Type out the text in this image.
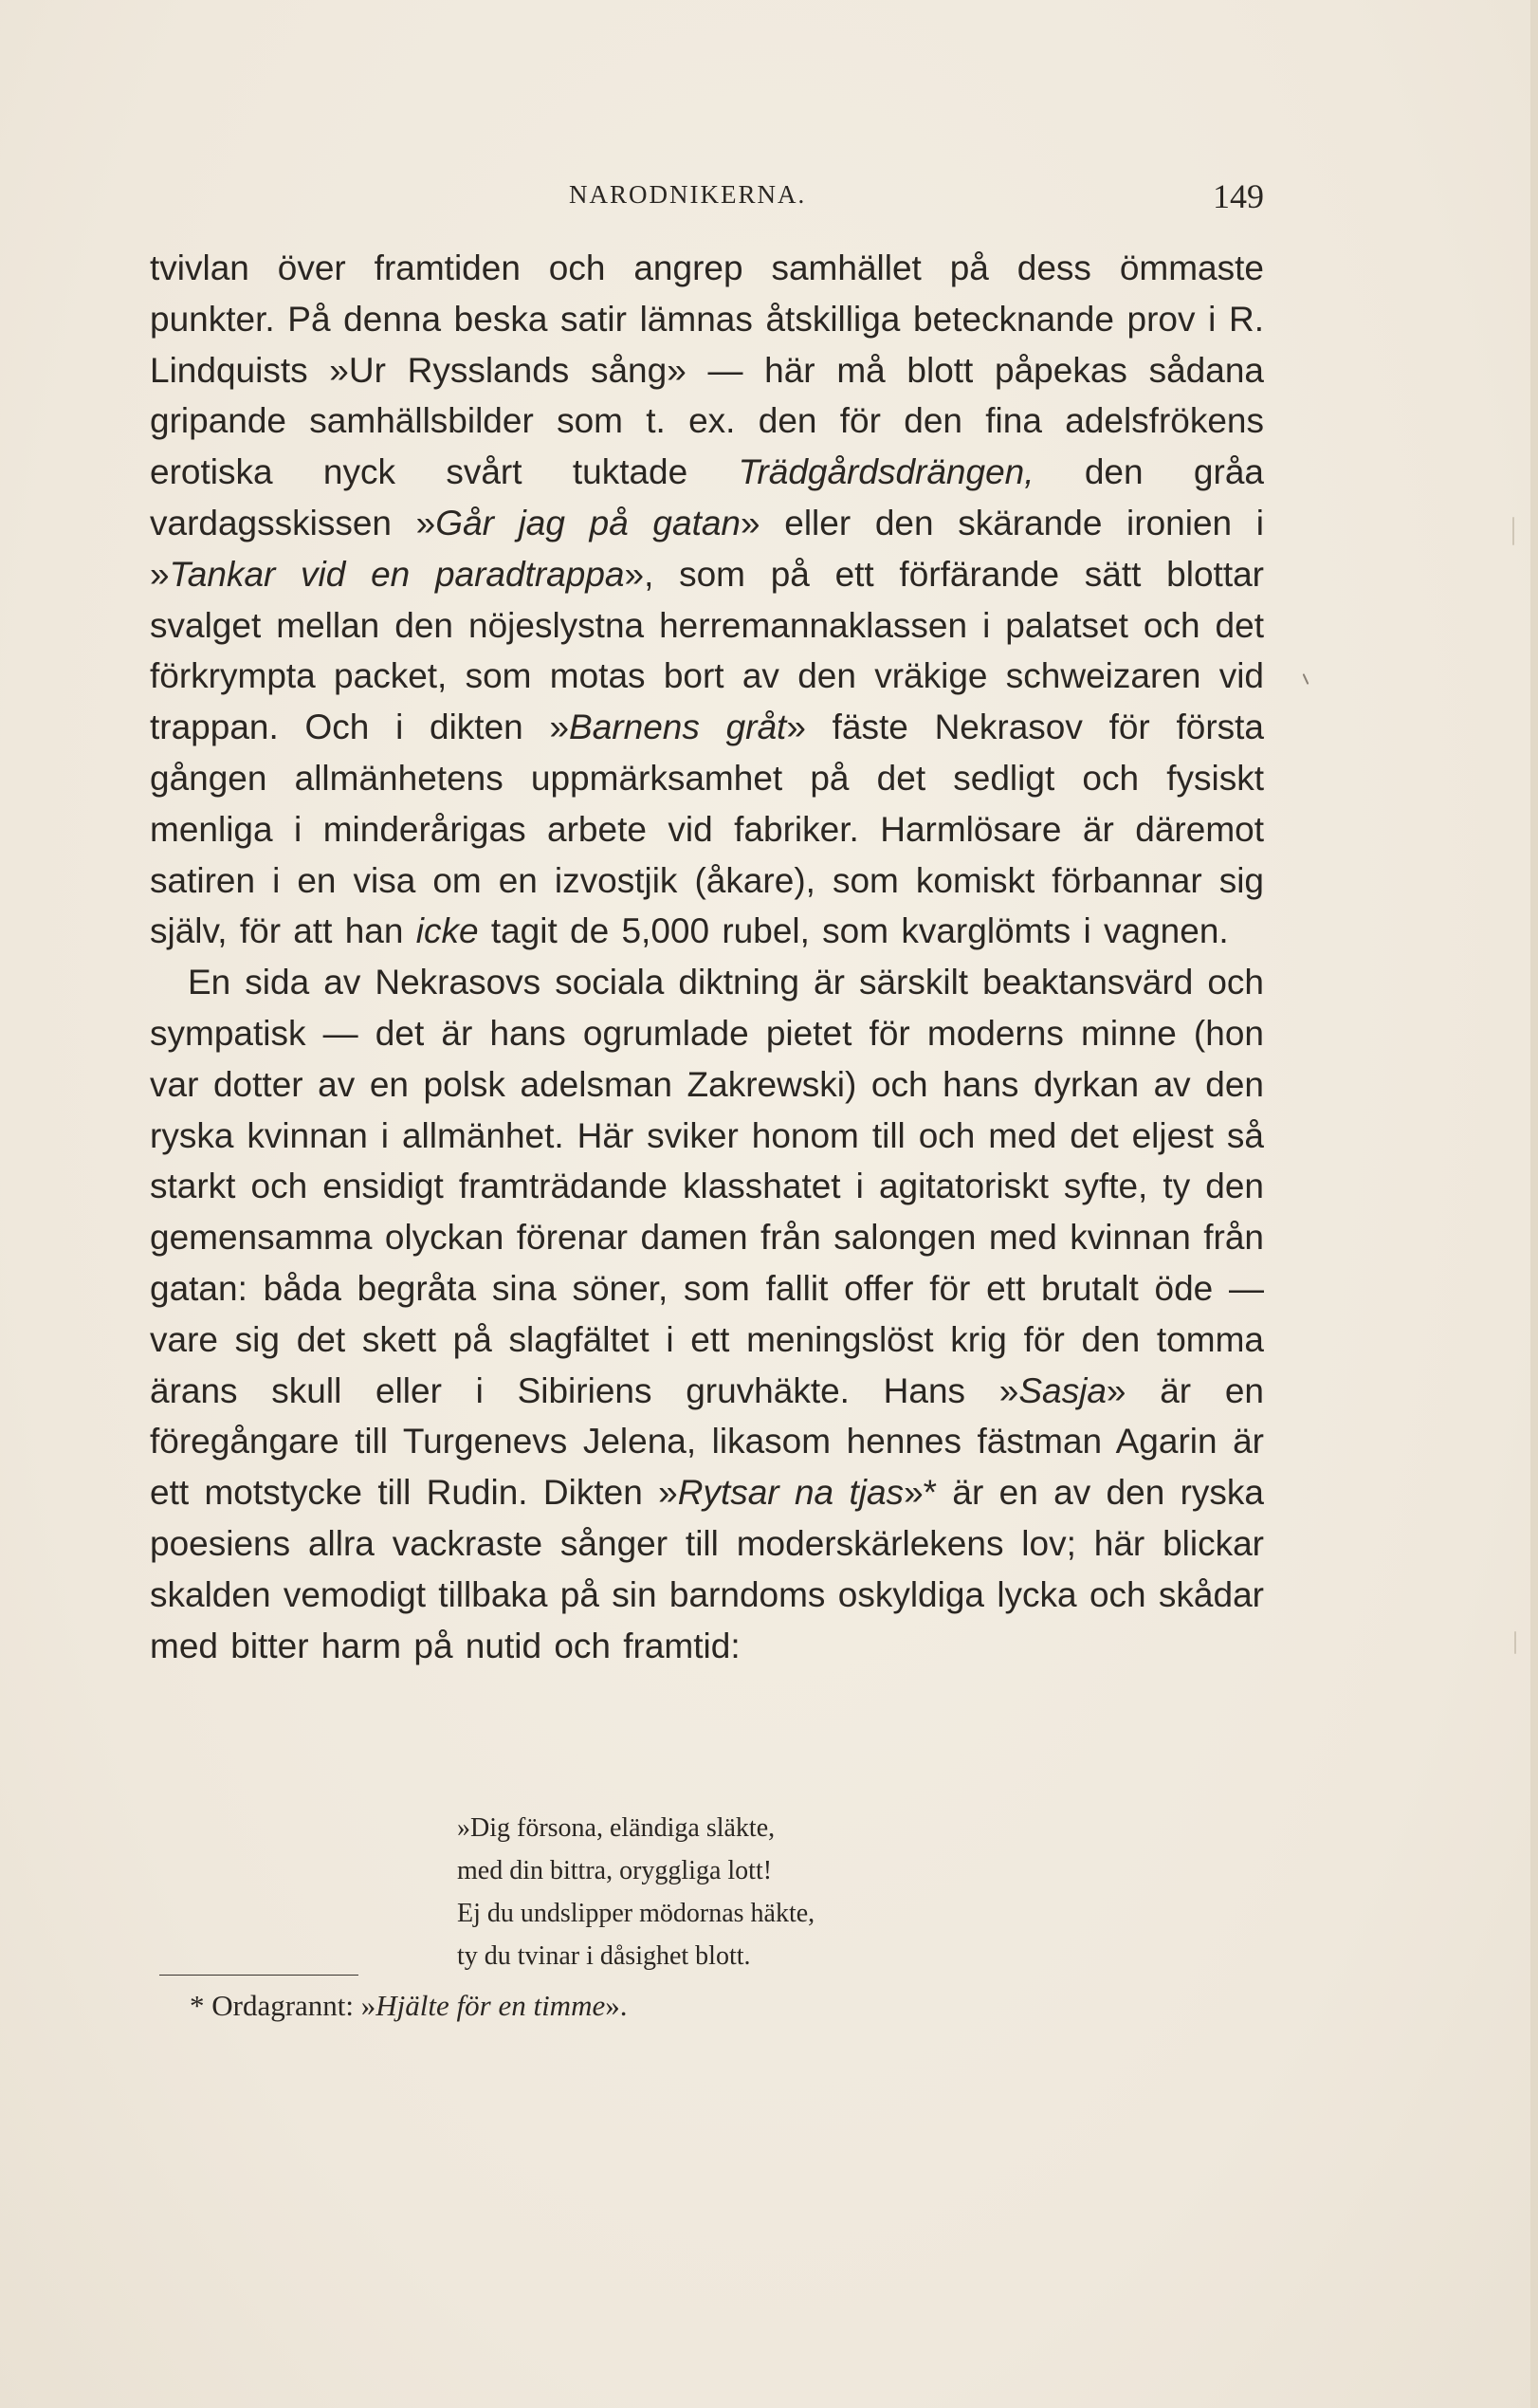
NARODNIKERNA.	149

tvivlan över framtiden och angrep samhället på dess ömmaste punkter. På denna beska satir lämnas åtskilliga betecknande prov i R. Lindquists »Ur Rysslands sång» — här må blott påpekas sådana gripande samhällsbilder som t. ex. den för den fina adelsfrökens erotiska nyck svårt tuktade Trädgårdsdrängen, den gråa vardagsskissen »Går jag på gatan» eller den skärande ironien i »Tankar vid en paradtrappa», som på ett förfärande sätt blottar svalget mellan den nöjeslystna herremannaklassen i palatset och det förkrympta packet, som motas bort av den vräkige schweizaren vid trappan. Och i dikten »Barnens gråt» fäste Nekrasov för första gången allmänhetens uppmärksamhet på det sedligt och fysiskt menliga i minderårigas arbete vid fabriker. Harmlösare är däremot satiren i en visa om en izvostjik (åkare), som komiskt förbannar sig själv, för att han icke tagit de 5,000 rubel, som kvarglömts i vagnen.

En sida av Nekrasovs sociala diktning är särskilt beaktansvärd och sympatisk — det är hans ogrumlade pietet för moderns minne (hon var dotter av en polsk adelsman Zakrewski) och hans dyrkan av den ryska kvinnan i allmänhet. Här sviker honom till och med det eljest så starkt och ensidigt framträdande klasshatet i agitatoriskt syfte, ty den gemensamma olyckan förenar damen från salongen med kvinnan från gatan: båda begråta sina söner, som fallit offer för ett brutalt öde — vare sig det skett på slagfältet i ett meningslöst krig för den tomma ärans skull eller i Sibiriens gruvhäkte. Hans »Sasja» är en föregångare till Turgenevs Jelena, likasom hennes fästman Agarin är ett motstycke till Rudin. Dikten »Rytsar na tjas»* är en av den ryska poesiens allra vackraste sånger till moderskärlekens lov; här blickar skalden vemodigt tillbaka på sin barndoms oskyldiga lycka och skådar med bitter harm på nutid och framtid:

»Dig försona, eländiga släkte,
med din bittra, oryggliga lott!
Ej du undslipper mödornas häkte,
ty du tvinar i dåsighet blott.
* Ordagrannt: »Hjälte för en timme».
